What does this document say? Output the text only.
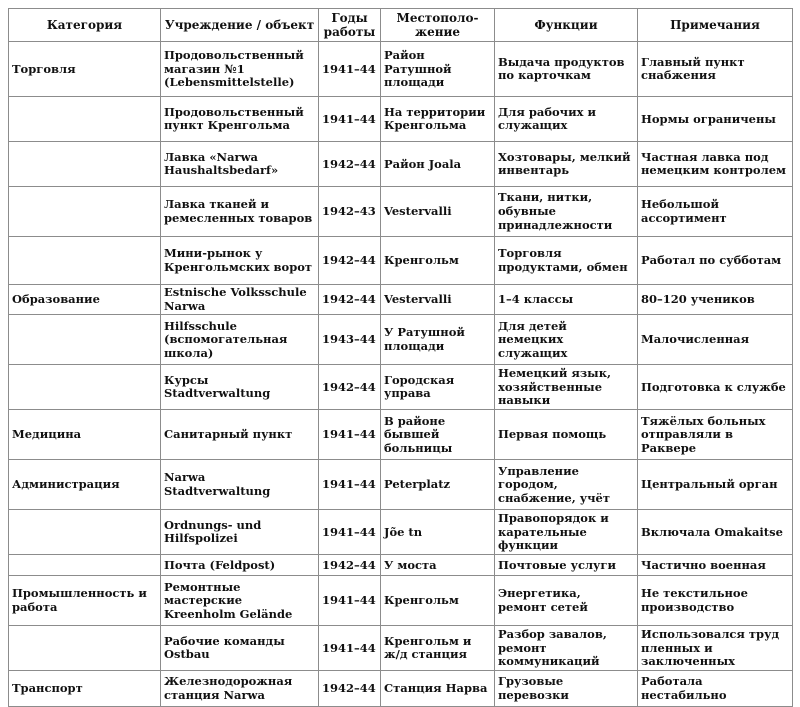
Категория	Учреждение / объект	Годы работы	Местополо-жение	Функции	Примечания
Торговля	Продовольственный магазин №1 (Lebensmittelstelle)	1941–44	Район Ратушной площади	Выдача продуктов по карточкам	Главный пункт снабжения
	Продовольственный пункт Кренгольма	1941–44	На территории Кренгольма	Для рабочих и служащих	Нормы ограничены
	Лавка «Narwa Haushaltsbedarf»	1942–44	Район Joala	Хозтовары, мелкий инвентарь	Частная лавка под немецким контролем
	Лавка тканей и ремесленных товаров	1942–43	Vestervalli	Ткани, нитки, обувные принадлежности	Небольшой ассортимент
	Мини-рынок у Кренгольмских ворот	1942–44	Кренгольм	Торговля продуктами, обмен	Работал по субботам
Образование	Estnische Volksschule Narwa	1942–44	Vestervalli	1–4 классы	80–120 учеников
	Hilfsschule (вспомогательная школа)	1943–44	У Ратушной площади	Для детей немецких служащих	Малочисленная
	Курсы Stadtverwaltung	1942–44	Городская управа	Немецкий язык, хозяйственные навыки	Подготовка к службе
Медицина	Санитарный пункт	1941–44	В районе бывшей больницы	Первая помощь	Тяжёлых больных отправляли в Раквере
Администрация	Narwa Stadtverwaltung	1941–44	Peterplatz	Управление городом, снабжение, учёт	Центральный орган
	Ordnungs- und Hilfspolizei	1941–44	Jõe tn	Правопорядок и карательные функции	Включала Omakaitse
	Почта (Feldpost)	1942–44	У моста	Почтовые услуги	Частично военная
Промышленность и работа	Ремонтные мастерские Kreenholm Gelände	1941–44	Кренгольм	Энергетика, ремонт сетей	Не текстильное производство
	Рабочие команды Ostbau	1941–44	Кренгольм и ж/д станция	Разбор завалов, ремонт коммуникаций	Использовался труд пленных и заключенных
Транспорт	Железнодорожная станция Narwa	1942–44	Станция Нарва	Грузовые перевозки	Работала нестабильно
